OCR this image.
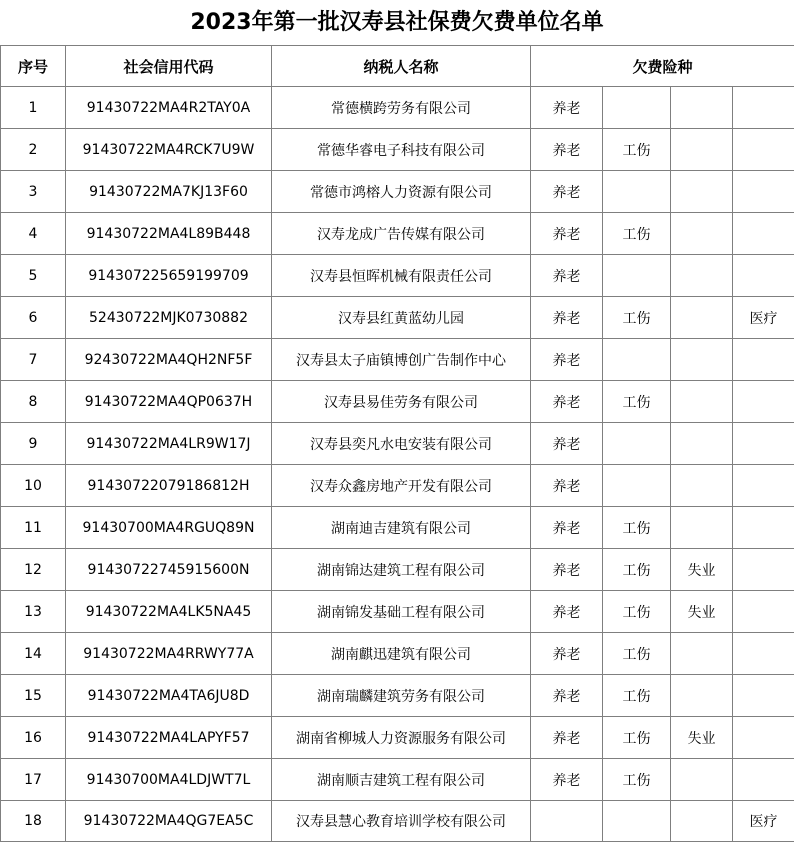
2023年第一批汉寿县社保费欠费单位名单
序号	社会信用代码	纳税人名称	欠费险种			
1	91430722MA4R2TAY0A	常德横跨劳务有限公司	养老			
2	91430722MA4RCK7U9W	常德华睿电子科技有限公司	养老	工伤		
3	91430722MA7KJ13F60	常德市鸿榕人力资源有限公司	养老			
4	91430722MA4L89B448	汉寿龙成广告传媒有限公司	养老	工伤		
5	914307225659199709	汉寿县恒晖机械有限责任公司	养老			
6	52430722MJK0730882	汉寿县红黄蓝幼儿园	养老	工伤		医疗
7	92430722MA4QH2NF5F	汉寿县太子庙镇博创广告制作中心	养老			
8	91430722MA4QP0637H	汉寿县易佳劳务有限公司	养老	工伤		
9	91430722MA4LR9W17J	汉寿县奕凡水电安装有限公司	养老			
10	91430722079186812H	汉寿众鑫房地产开发有限公司	养老			
11	91430700MA4RGUQ89N	湖南迪吉建筑有限公司	养老	工伤		
12	91430722745915600N	湖南锦达建筑工程有限公司	养老	工伤	失业	
13	91430722MA4LK5NA45	湖南锦发基础工程有限公司	养老	工伤	失业	
14	91430722MA4RRWY77A	湖南麒迅建筑有限公司	养老	工伤		
15	91430722MA4TA6JU8D	湖南瑞麟建筑劳务有限公司	养老	工伤		
16	91430722MA4LAPYF57	湖南省柳城人力资源服务有限公司	养老	工伤	失业	
17	91430700MA4LDJWT7L	湖南顺吉建筑工程有限公司	养老	工伤		
18	91430722MA4QG7EA5C	汉寿县慧心教育培训学校有限公司				医疗
